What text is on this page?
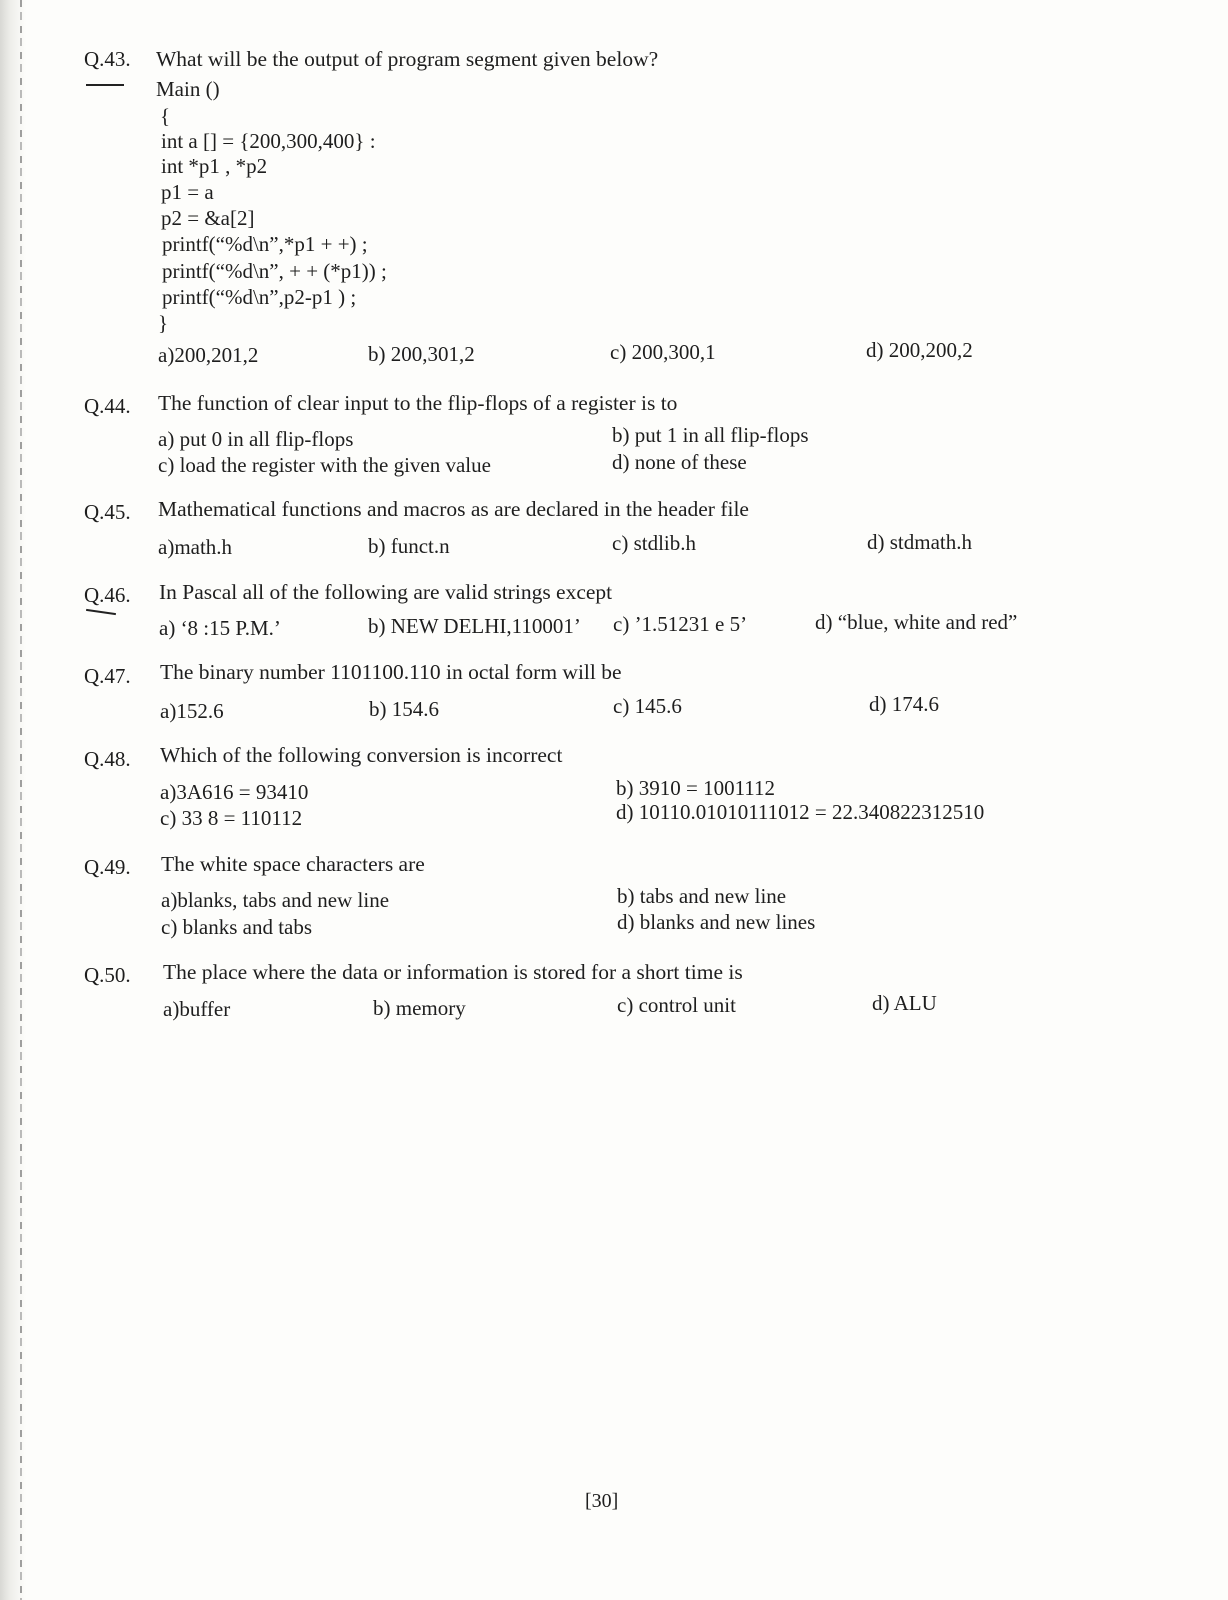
Q.43. What will be the output of program segment given below?
Main ()
{
int a [] = {200,300,400} :
int *p1 , *p2
p1 = a
p2 = &a[2]
printf(“%d\n”,*p1 + +) ;
printf(“%d\n”, + + (*p1)) ;
printf(“%d\n”,p2-p1 ) ;
}
a)200,201,2	b) 200,301,2	c) 200,300,1	d) 200,200,2
Q.44. The function of clear input to the flip-flops of a register is to
a) put 0 in all flip-flops	b) put 1 in all flip-flops
c) load the register with the given value	d) none of these
Q.45. Mathematical functions and macros as are declared in the header file
a)math.h	b) funct.n	c) stdlib.h	d) stdmath.h
Q.46. In Pascal all of the following are valid strings except
a) ‘8 :15 P.M.’	b) NEW DELHI,110001’ c) ’1.51231 e 5’	d) “blue, white and red”
Q.47. The binary number 1101100.110 in octal form will be
a)152.6	b) 154.6	c) 145.6	d) 174.6
Q.48. Which of the following conversion is incorrect
a)3A616 = 93410	b) 3910 = 1001112
c) 33 8 = 110112	d) 10110.01010111012 = 22.340822312510
Q.49. The white space characters are
a)blanks, tabs and new line	b) tabs and new line
c) blanks and tabs	d) blanks and new lines
Q.50. The place where the data or information is stored for a short time is
a)buffer	b) memory	c) control unit	d) ALU
[30]
